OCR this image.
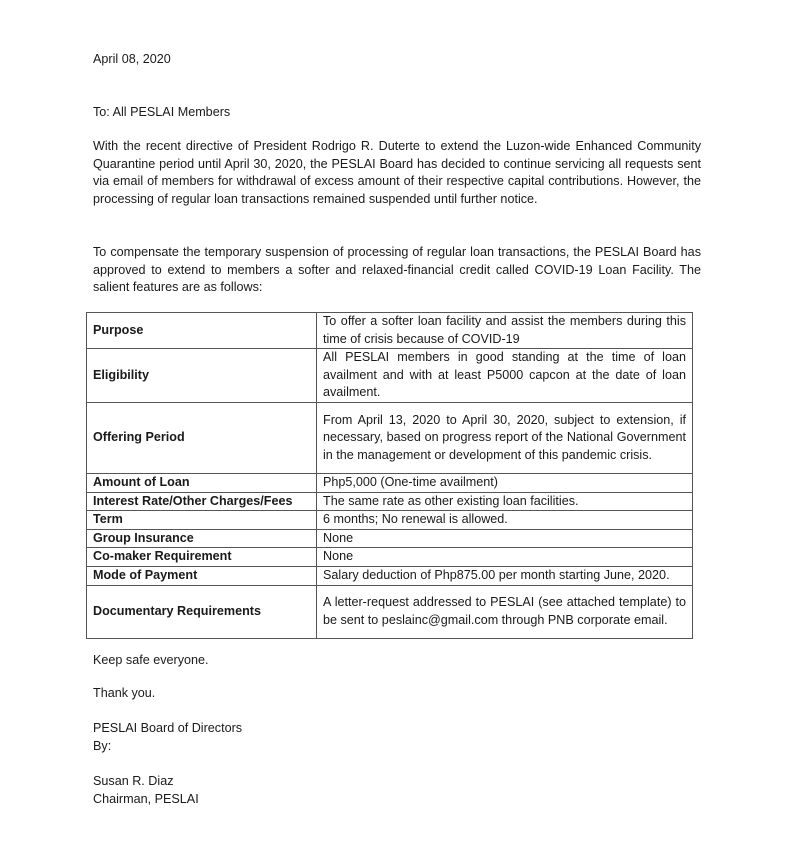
April 08, 2020
To: All PESLAI Members
With the recent directive of President Rodrigo R. Duterte to extend the Luzon-wide Enhanced Community Quarantine period until April 30, 2020, the PESLAI Board has decided to continue servicing all requests sent via email of members for withdrawal of excess amount of their respective capital contributions. However, the processing of regular loan transactions remained suspended until further notice.
To compensate the temporary suspension of processing of regular loan transactions, the PESLAI Board has approved to extend to members a softer and relaxed-financial credit called COVID-19 Loan Facility. The salient features are as follows:
Purpose	To offer a softer loan facility and assist the members during this time of crisis because of COVID-19
Eligibility	All PESLAI members in good standing at the time of loan availment and with at least P5000 capcon at the date of loan availment.
Offering Period	From April 13, 2020 to April 30, 2020, subject to extension, if necessary, based on progress report of the National Government in the management or development of this pandemic crisis.
Amount of Loan	Php5,000 (One-time availment)
Interest Rate/Other Charges/Fees	The same rate as other existing loan facilities.
Term	6 months; No renewal is allowed.
Group Insurance	None
Co-maker Requirement	None
Mode of Payment	Salary deduction of Php875.00 per month starting June, 2020.
Documentary Requirements	A letter-request addressed to PESLAI (see attached template) to be sent to peslainc@gmail.com through PNB corporate email.
Keep safe everyone.
Thank you.
PESLAI Board of Directors
By:
Susan R. Diaz
Chairman, PESLAI
